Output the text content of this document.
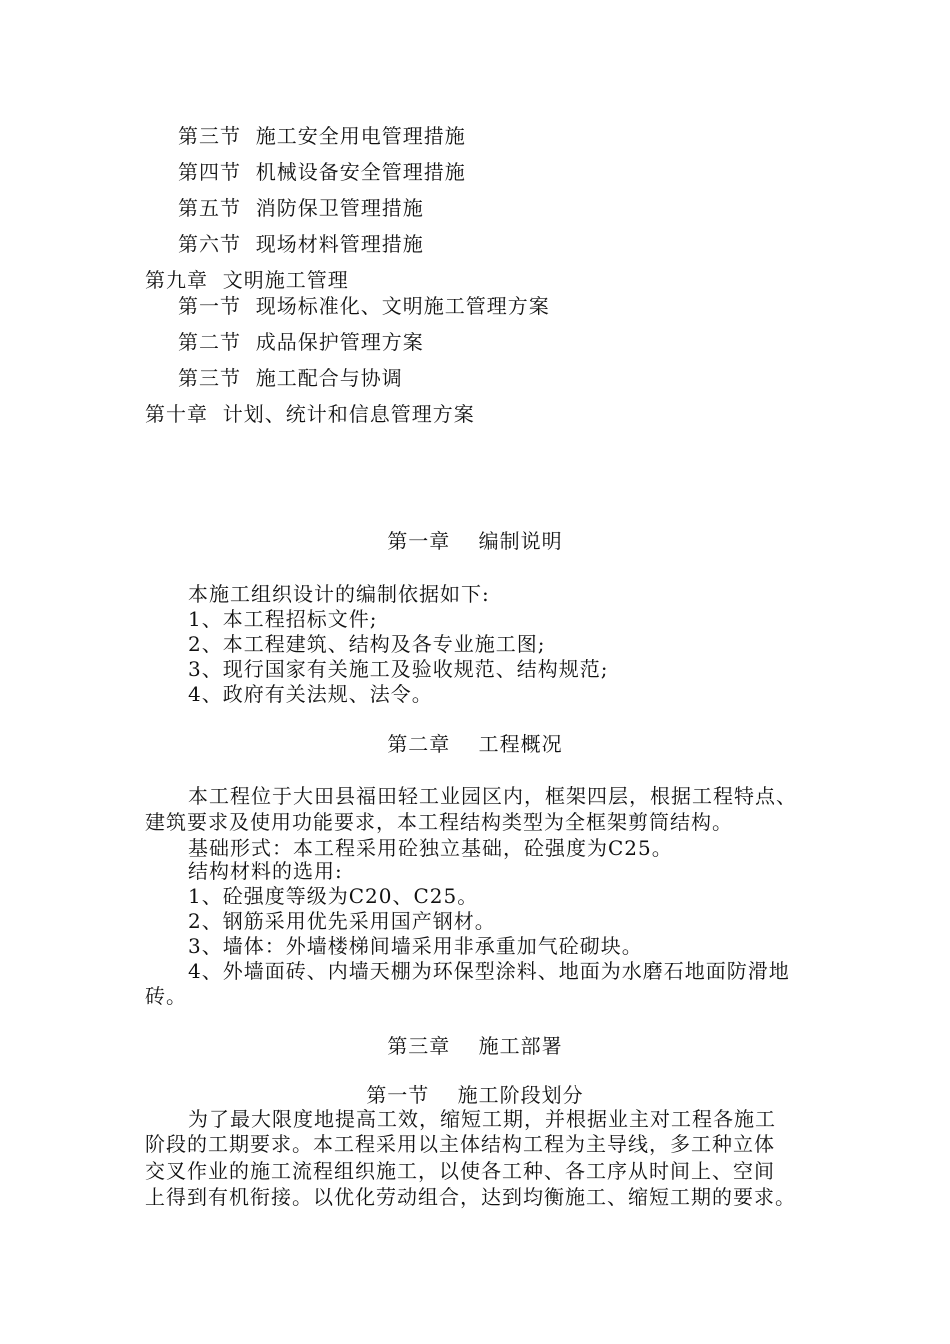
第三节 施工安全用电管理措施
第四节 机械设备安全管理措施
第五节 消防保卫管理措施
第六节 现场材料管理措施
第九章 文明施工管理
第一节 现场标准化、文明施工管理方案
第二节 成品保护管理方案
第三节 施工配合与协调
第十章 计划、统计和信息管理方案
第一章　 编制说明
本施工组织设计的编制依据如下:
1、本工程招标文件;
2、本工程建筑、结构及各专业施工图;
3、现行国家有关施工及验收规范、结构规范;
4、政府有关法规、法令。
第二章　 工程概况
本工程位于大田县福田轻工业园区内，框架四层，根据工程特点、
建筑要求及使用功能要求，本工程结构类型为全框架剪筒结构。
基础形式：本工程采用砼独立基础，砼强度为C25。
结构材料的选用:
1、砼强度等级为C20、C25。
2、钢筋采用优先采用国产钢材。
3、墙体：外墙楼梯间墙采用非承重加气砼砌块。
4、外墙面砖、内墙天棚为环保型涂料、地面为水磨石地面防滑地
砖。
第三章　 施工部署
第一节　 施工阶段划分
为了最大限度地提高工效，缩短工期，并根据业主对工程各施工
阶段的工期要求。本工程采用以主体结构工程为主导线，多工种立体
交叉作业的施工流程组织施工，以使各工种、各工序从时间上、空间
上得到有机衔接。以优化劳动组合，达到均衡施工、缩短工期的要求。
